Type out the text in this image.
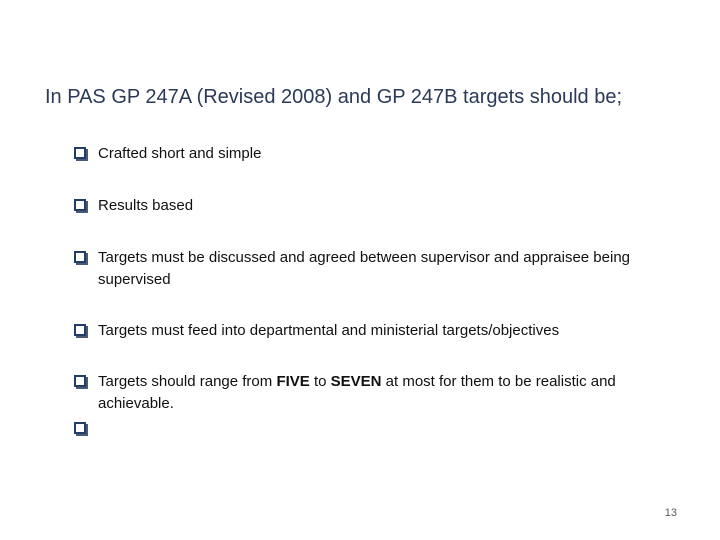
In PAS GP 247A (Revised 2008) and GP 247B targets should be;
Crafted short and simple
Results based
Targets must be discussed and agreed between supervisor and appraisee being supervised
Targets must feed into departmental and ministerial targets/objectives
Targets should range from FIVE to SEVEN at most for them to be realistic and achievable.
13
